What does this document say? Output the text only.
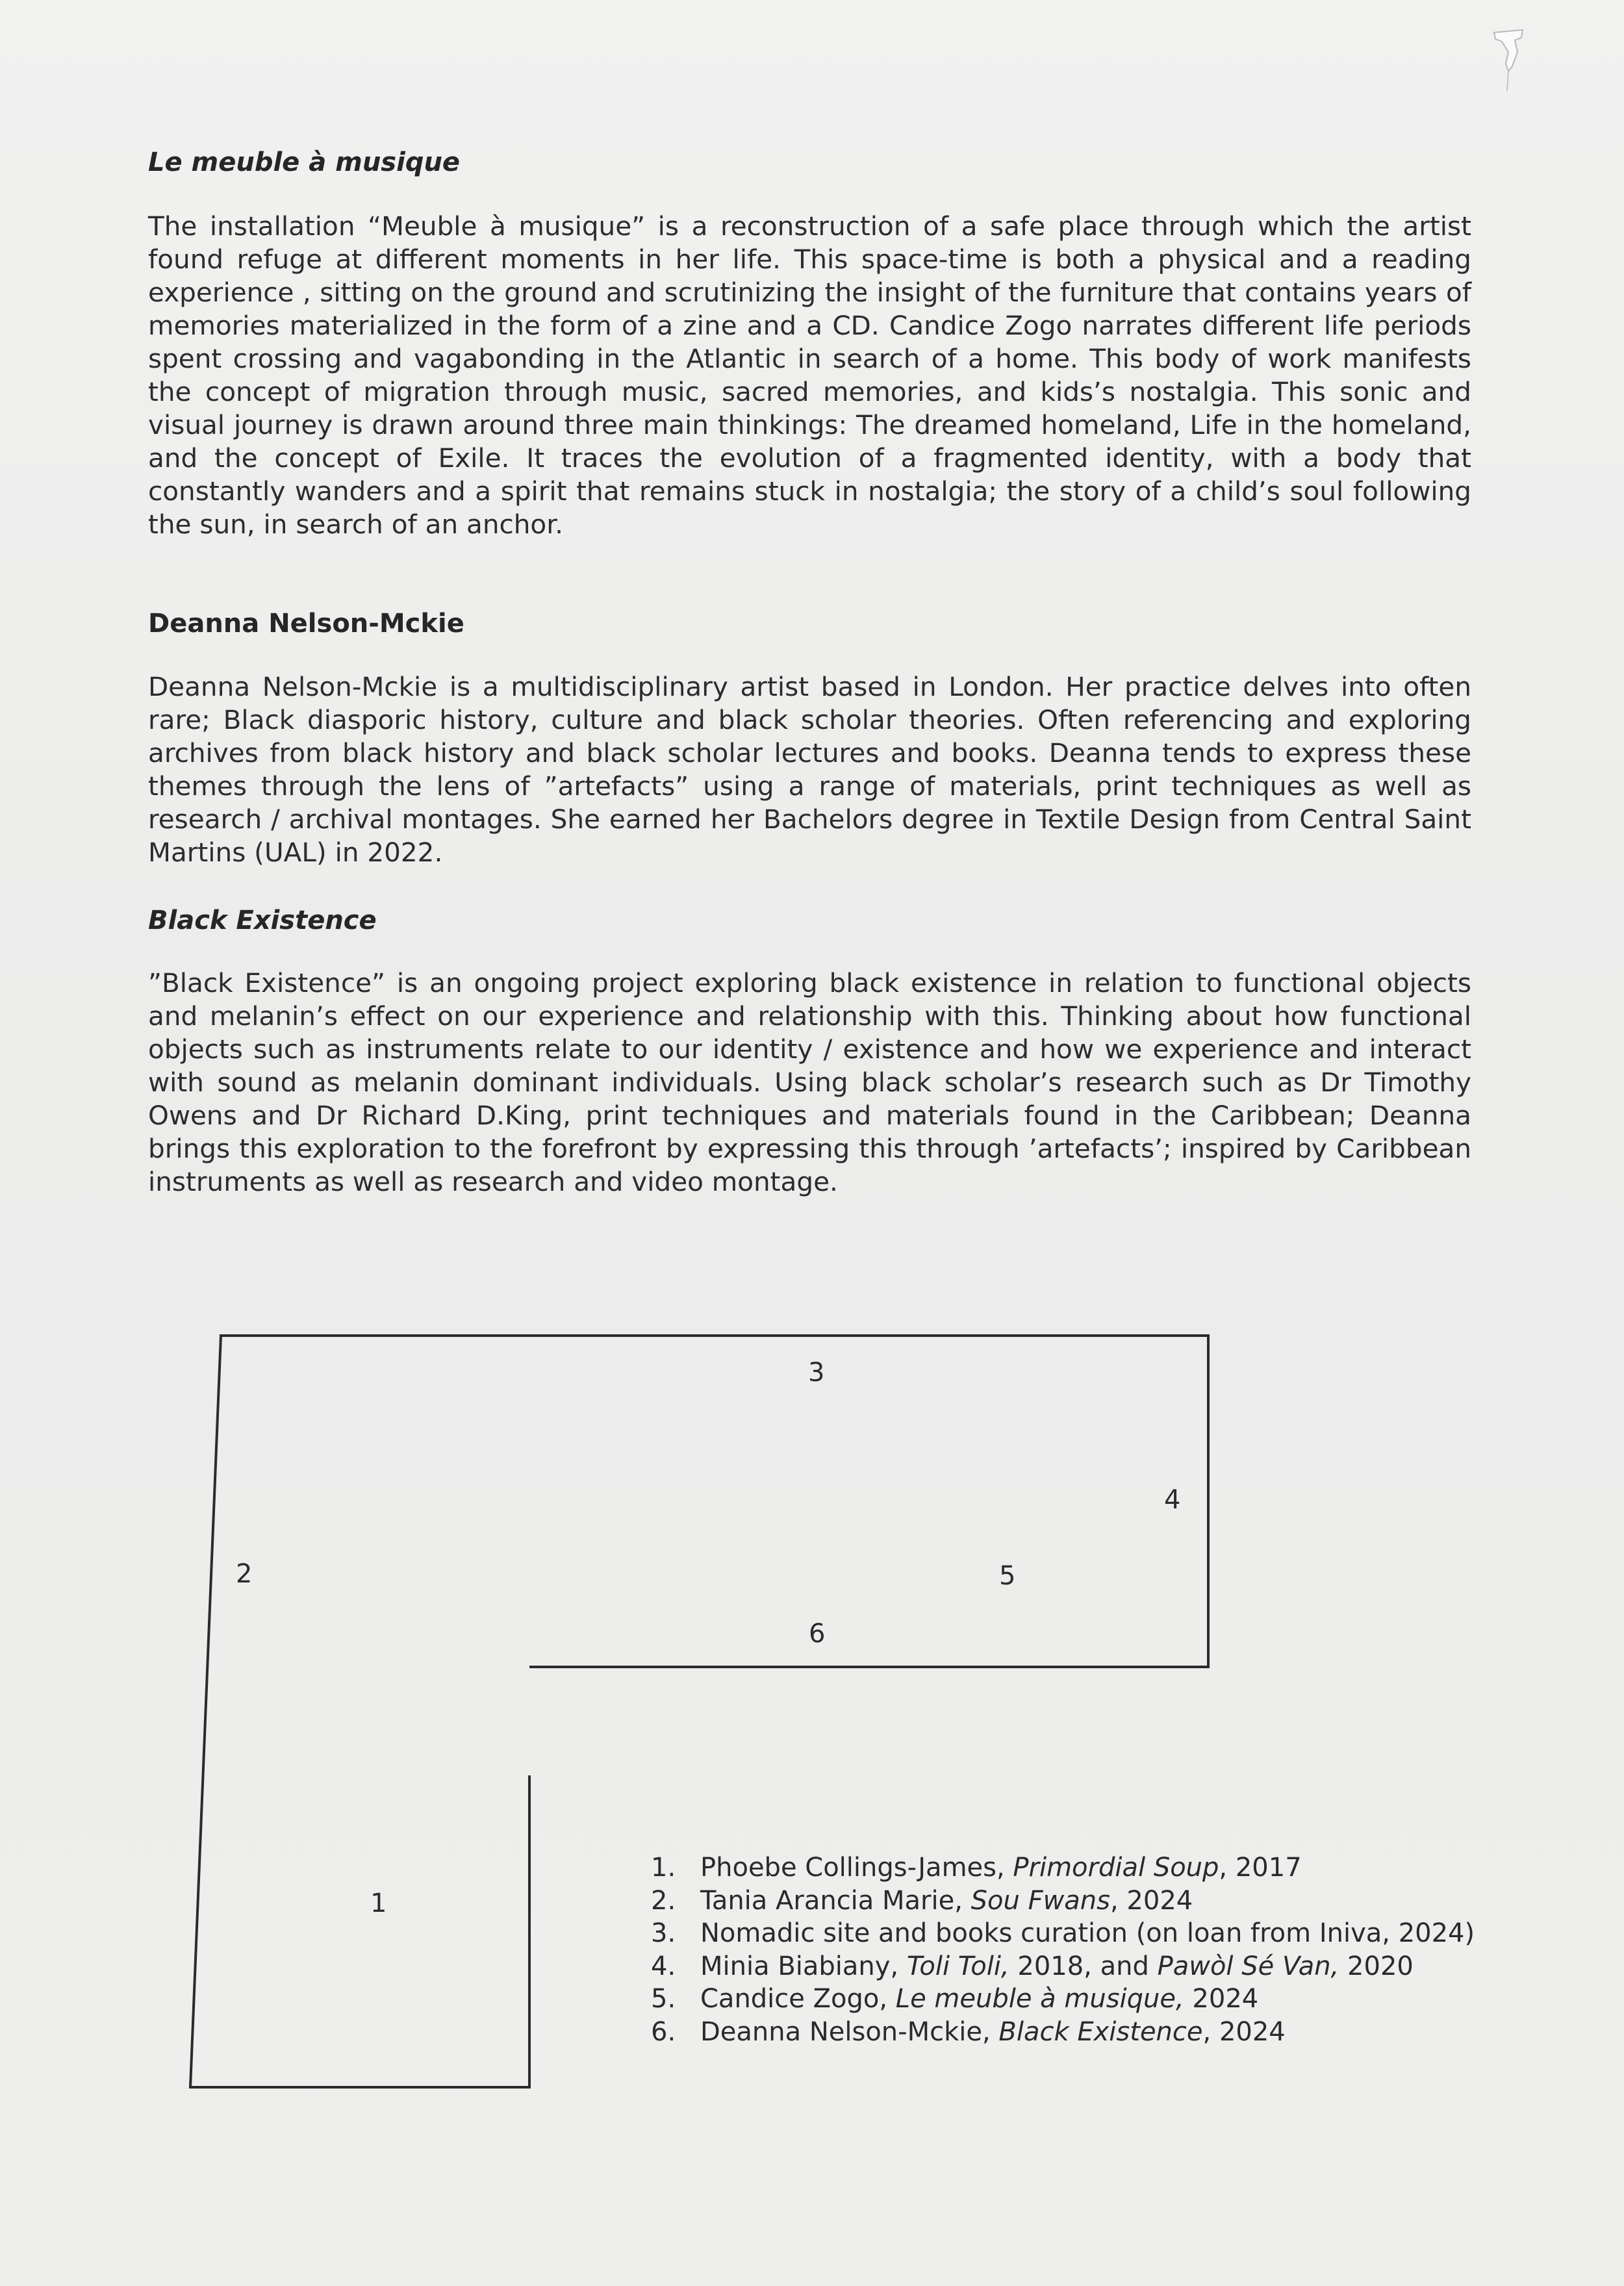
Le meuble à musique

The installation “Meuble à musique” is a reconstruction of a safe place through which the artist found refuge at different moments in her life. This space-time is both a physical and a reading experience , sitting on the ground and scrutinizing the insight of the furniture that contains years of memories materialized in the form of a zine and a CD. Candice Zogo narrates different life periods spent crossing and vagabonding in the Atlantic in search of a home. This body of work manifests the concept of migration through music, sacred memories, and kids’s nostalgia. This sonic and visual journey is drawn around three main thinkings: The dreamed homeland, Life in the homeland, and the concept of Exile. It traces the evolution of a fragmented identity, with a body that constantly wanders and a spirit that remains stuck in nostalgia; the story of a child’s soul following the sun, in search of an anchor.

Deanna Nelson-Mckie

Deanna Nelson-Mckie is a multidisciplinary artist based in London. Her practice delves into often rare; Black diasporic history, culture and black scholar theories. Often referencing and exploring archives from black history and black scholar lectures and books. Deanna tends to express these themes through the lens of ”artefacts” using a range of materials, print techniques as well as research / archival montages. She earned her Bachelors degree in Textile Design from Central Saint Martins (UAL) in 2022.

Black Existence

”Black Existence” is an ongoing project exploring black existence in relation to functional objects and melanin’s effect on our experience and relationship with this. Thinking about how functional objects such as instruments relate to our identity / existence and how we experience and interact with sound as melanin dominant individuals. Using black scholar’s research such as Dr Timothy Owens and Dr Richard D.King, print techniques and materials found in the Caribbean; Deanna brings this exploration to the forefront by expressing this through ’artefacts’; inspired by Caribbean instruments as well as research and video montage.

1
2
3
4
5
6
1. Phoebe Collings-James, Primordial Soup, 2017
2. Tania Arancia Marie, Sou Fwans, 2024
3. Nomadic site and books curation (on loan from Iniva, 2024)
4. Minia Biabiany, Toli Toli, 2018, and Pawòl Sé Van, 2020
5. Candice Zogo, Le meuble à musique, 2024
6. Deanna Nelson-Mckie, Black Existence, 2024
